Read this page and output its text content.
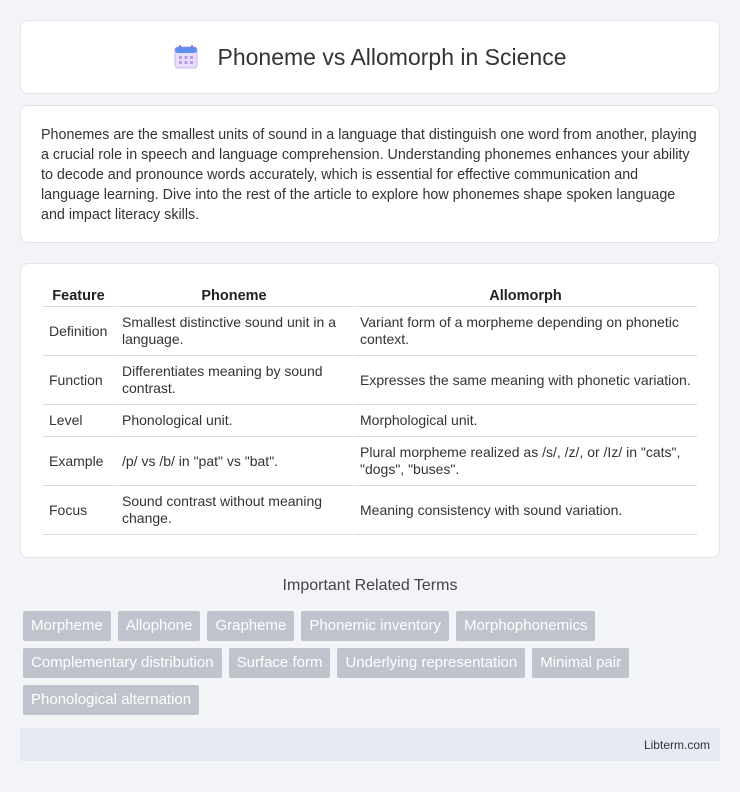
Phoneme vs Allomorph in Science

Phonemes are the smallest units of sound in a language that distinguish one word from another, playing a crucial role in speech and language comprehension. Understanding phonemes enhances your ability to decode and pronounce words accurately, which is essential for effective communication and language learning. Dive into the rest of the article to explore how phonemes shape spoken language and impact literacy skills.

Feature	Phoneme	Allomorph
Definition	Smallest distinctive sound unit in a language.	Variant form of a morpheme depending on phonetic context.
Function	Differentiates meaning by sound contrast.	Expresses the same meaning with phonetic variation.
Level	Phonological unit.	Morphological unit.
Example	/p/ vs /b/ in "pat" vs "bat".	Plural morpheme realized as /s/, /z/, or /Iz/ in "cats", "dogs", "buses".
Focus	Sound contrast without meaning change.	Meaning consistency with sound variation.
Important Related Terms
Morpheme	Allophone	Grapheme	Phonemic inventory	Morphophonemics
Complementary distribution	Surface form	Underlying representation	Minimal pair
Phonological alternation
Libterm.com
